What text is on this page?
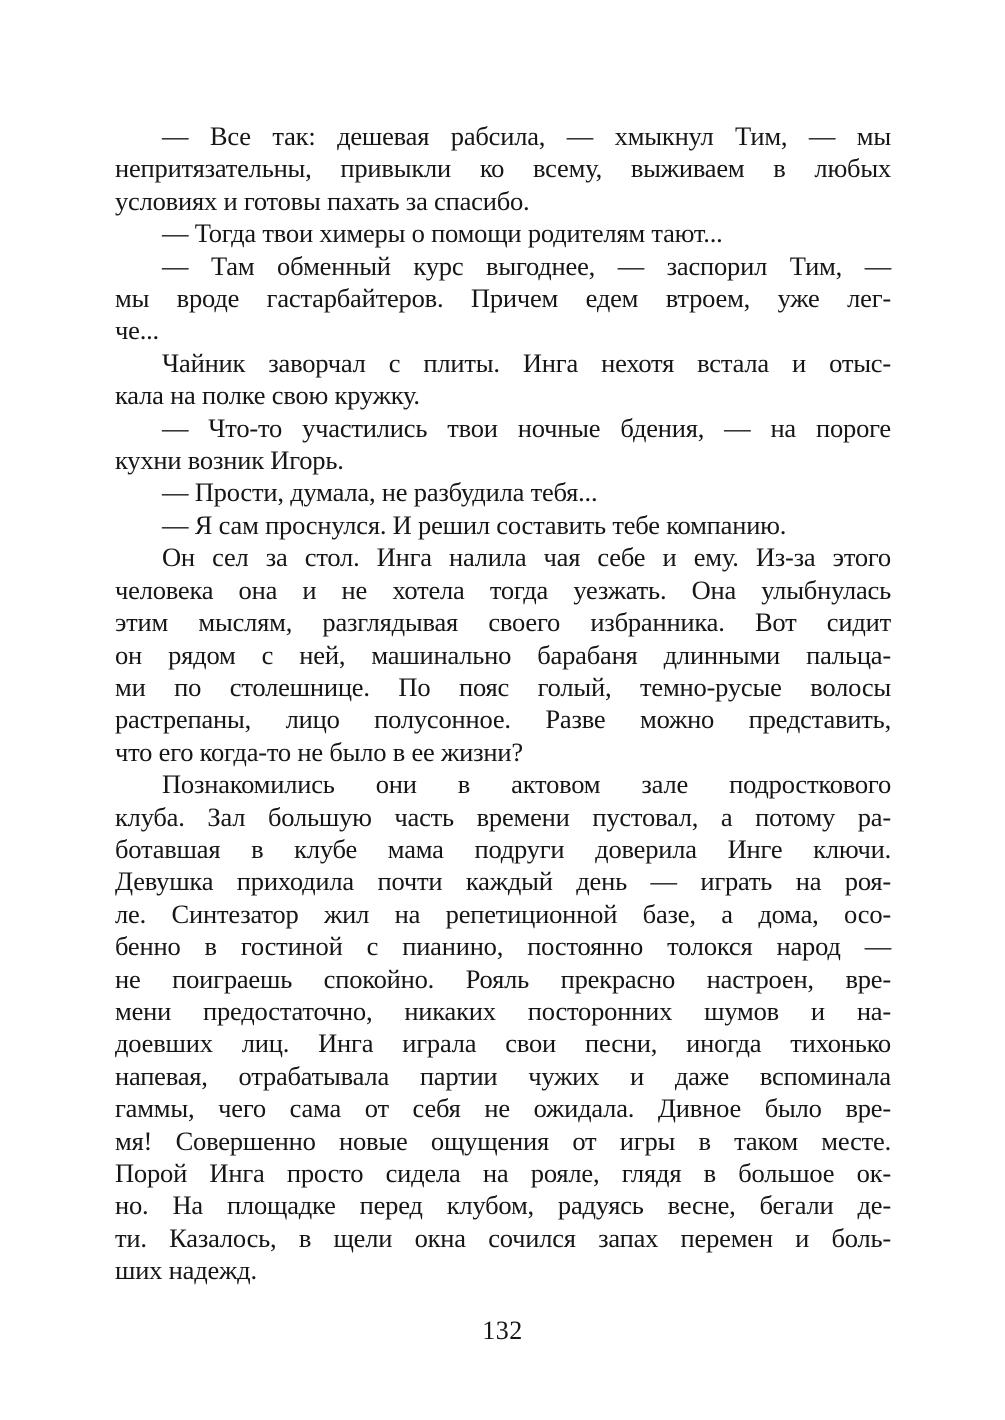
— Все так: дешевая рабсила, — хмыкнул Тим, — мы
непритязательны, привыкли ко всему, выживаем в любых
условиях и готовы пахать за спасибо.
— Тогда твои химеры о помощи родителям тают...
— Там обменный курс выгоднее, — заспорил Тим, —
мы вроде гастарбайтеров. Причем едем втроем, уже лег-
че...
Чайник заворчал с плиты. Инга нехотя встала и отыс-
кала на полке свою кружку.
— Что-то участились твои ночные бдения, — на пороге
кухни возник Игорь.
— Прости, думала, не разбудила тебя...
— Я сам проснулся. И решил составить тебе компанию.
Он сел за стол. Инга налила чая себе и ему. Из-за этого
человека она и не хотела тогда уезжать. Она улыбнулась
этим мыслям, разглядывая своего избранника. Вот сидит
он рядом с ней, машинально барабаня длинными пальца-
ми по столешнице. По пояс голый, темно-русые волосы
растрепаны, лицо полусонное. Разве можно представить,
что его когда-то не было в ее жизни?
Познакомились они в актовом зале подросткового
клуба. Зал большую часть времени пустовал, а потому ра-
ботавшая в клубе мама подруги доверила Инге ключи.
Девушка приходила почти каждый день — играть на роя-
ле. Синтезатор жил на репетиционной базе, а дома, осо-
бенно в гостиной с пианино, постоянно толокся народ —
не поиграешь спокойно. Рояль прекрасно настроен, вре-
мени предостаточно, никаких посторонних шумов и на-
доевших лиц. Инга играла свои песни, иногда тихонько
напевая, отрабатывала партии чужих и даже вспоминала
гаммы, чего сама от себя не ожидала. Дивное было вре-
мя! Совершенно новые ощущения от игры в таком месте.
Порой Инга просто сидела на рояле, глядя в большое ок-
но. На площадке перед клубом, радуясь весне, бегали де-
ти. Казалось, в щели окна сочился запах перемен и боль-
ших надежд.
132
